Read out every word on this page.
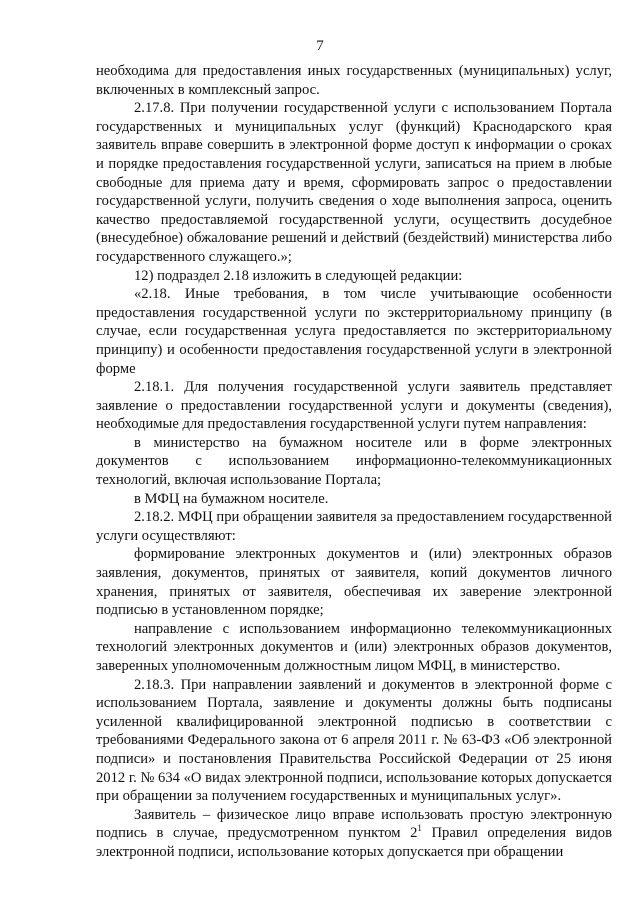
7

необходима для предоставления иных государственных (муниципальных) услуг, включенных в комплексный запрос.

2.17.8. При получении государственной услуги с использованием Портала государственных и муниципальных услуг (функций) Краснодарского края заявитель вправе совершить в электронной форме доступ к информации о сроках и порядке предоставления государственной услуги, записаться на прием в любые свободные для приема дату и время, сформировать запрос о предоставлении государственной услуги, получить сведения о ходе выполнения запроса, оценить качество предоставляемой государственной услуги, осуществить досудебное (внесудебное) обжалование решений и действий (бездействий) министерства либо государственного служащего.»;

12) подраздел 2.18 изложить в следующей редакции:

«2.18. Иные требования, в том числе учитывающие особенности предоставления государственной услуги по экстерриториальному принципу (в случае, если государственная услуга предоставляется по экстерриториальному принципу) и особенности предоставления государственной услуги в электронной форме

2.18.1. Для получения государственной услуги заявитель представляет заявление о предоставлении государственной услуги и документы (сведения), необходимые для предоставления государственной услуги путем направления:

в министерство на бумажном носителе или в форме электронных документов с использованием информационно-телекоммуникационных технологий, включая использование Портала;

в МФЦ на бумажном носителе.

2.18.2. МФЦ при обращении заявителя за предоставлением государственной услуги осуществляют:

формирование электронных документов и (или) электронных образов заявления, документов, принятых от заявителя, копий документов личного хранения, принятых от заявителя, обеспечивая их заверение электронной подписью в установленном порядке;

направление с использованием информационно телекоммуникационных технологий электронных документов и (или) электронных образов документов, заверенных уполномоченным должностным лицом МФЦ, в министерство.

2.18.3. При направлении заявлений и документов в электронной форме с использованием Портала, заявление и документы должны быть подписаны усиленной квалифицированной электронной подписью в соответствии с требованиями Федерального закона от 6 апреля 2011 г. № 63-ФЗ «Об электронной подписи» и постановления Правительства Российской Федерации от 25 июня 2012 г. № 634 «О видах электронной подписи, использование которых допускается при обращении за получением государственных и муниципальных услуг».

Заявитель – физическое лицо вправе использовать простую электронную подпись в случае, предусмотренном пунктом $2^1$ Правил определения видов электронной подписи, использование которых допускается при обращении
